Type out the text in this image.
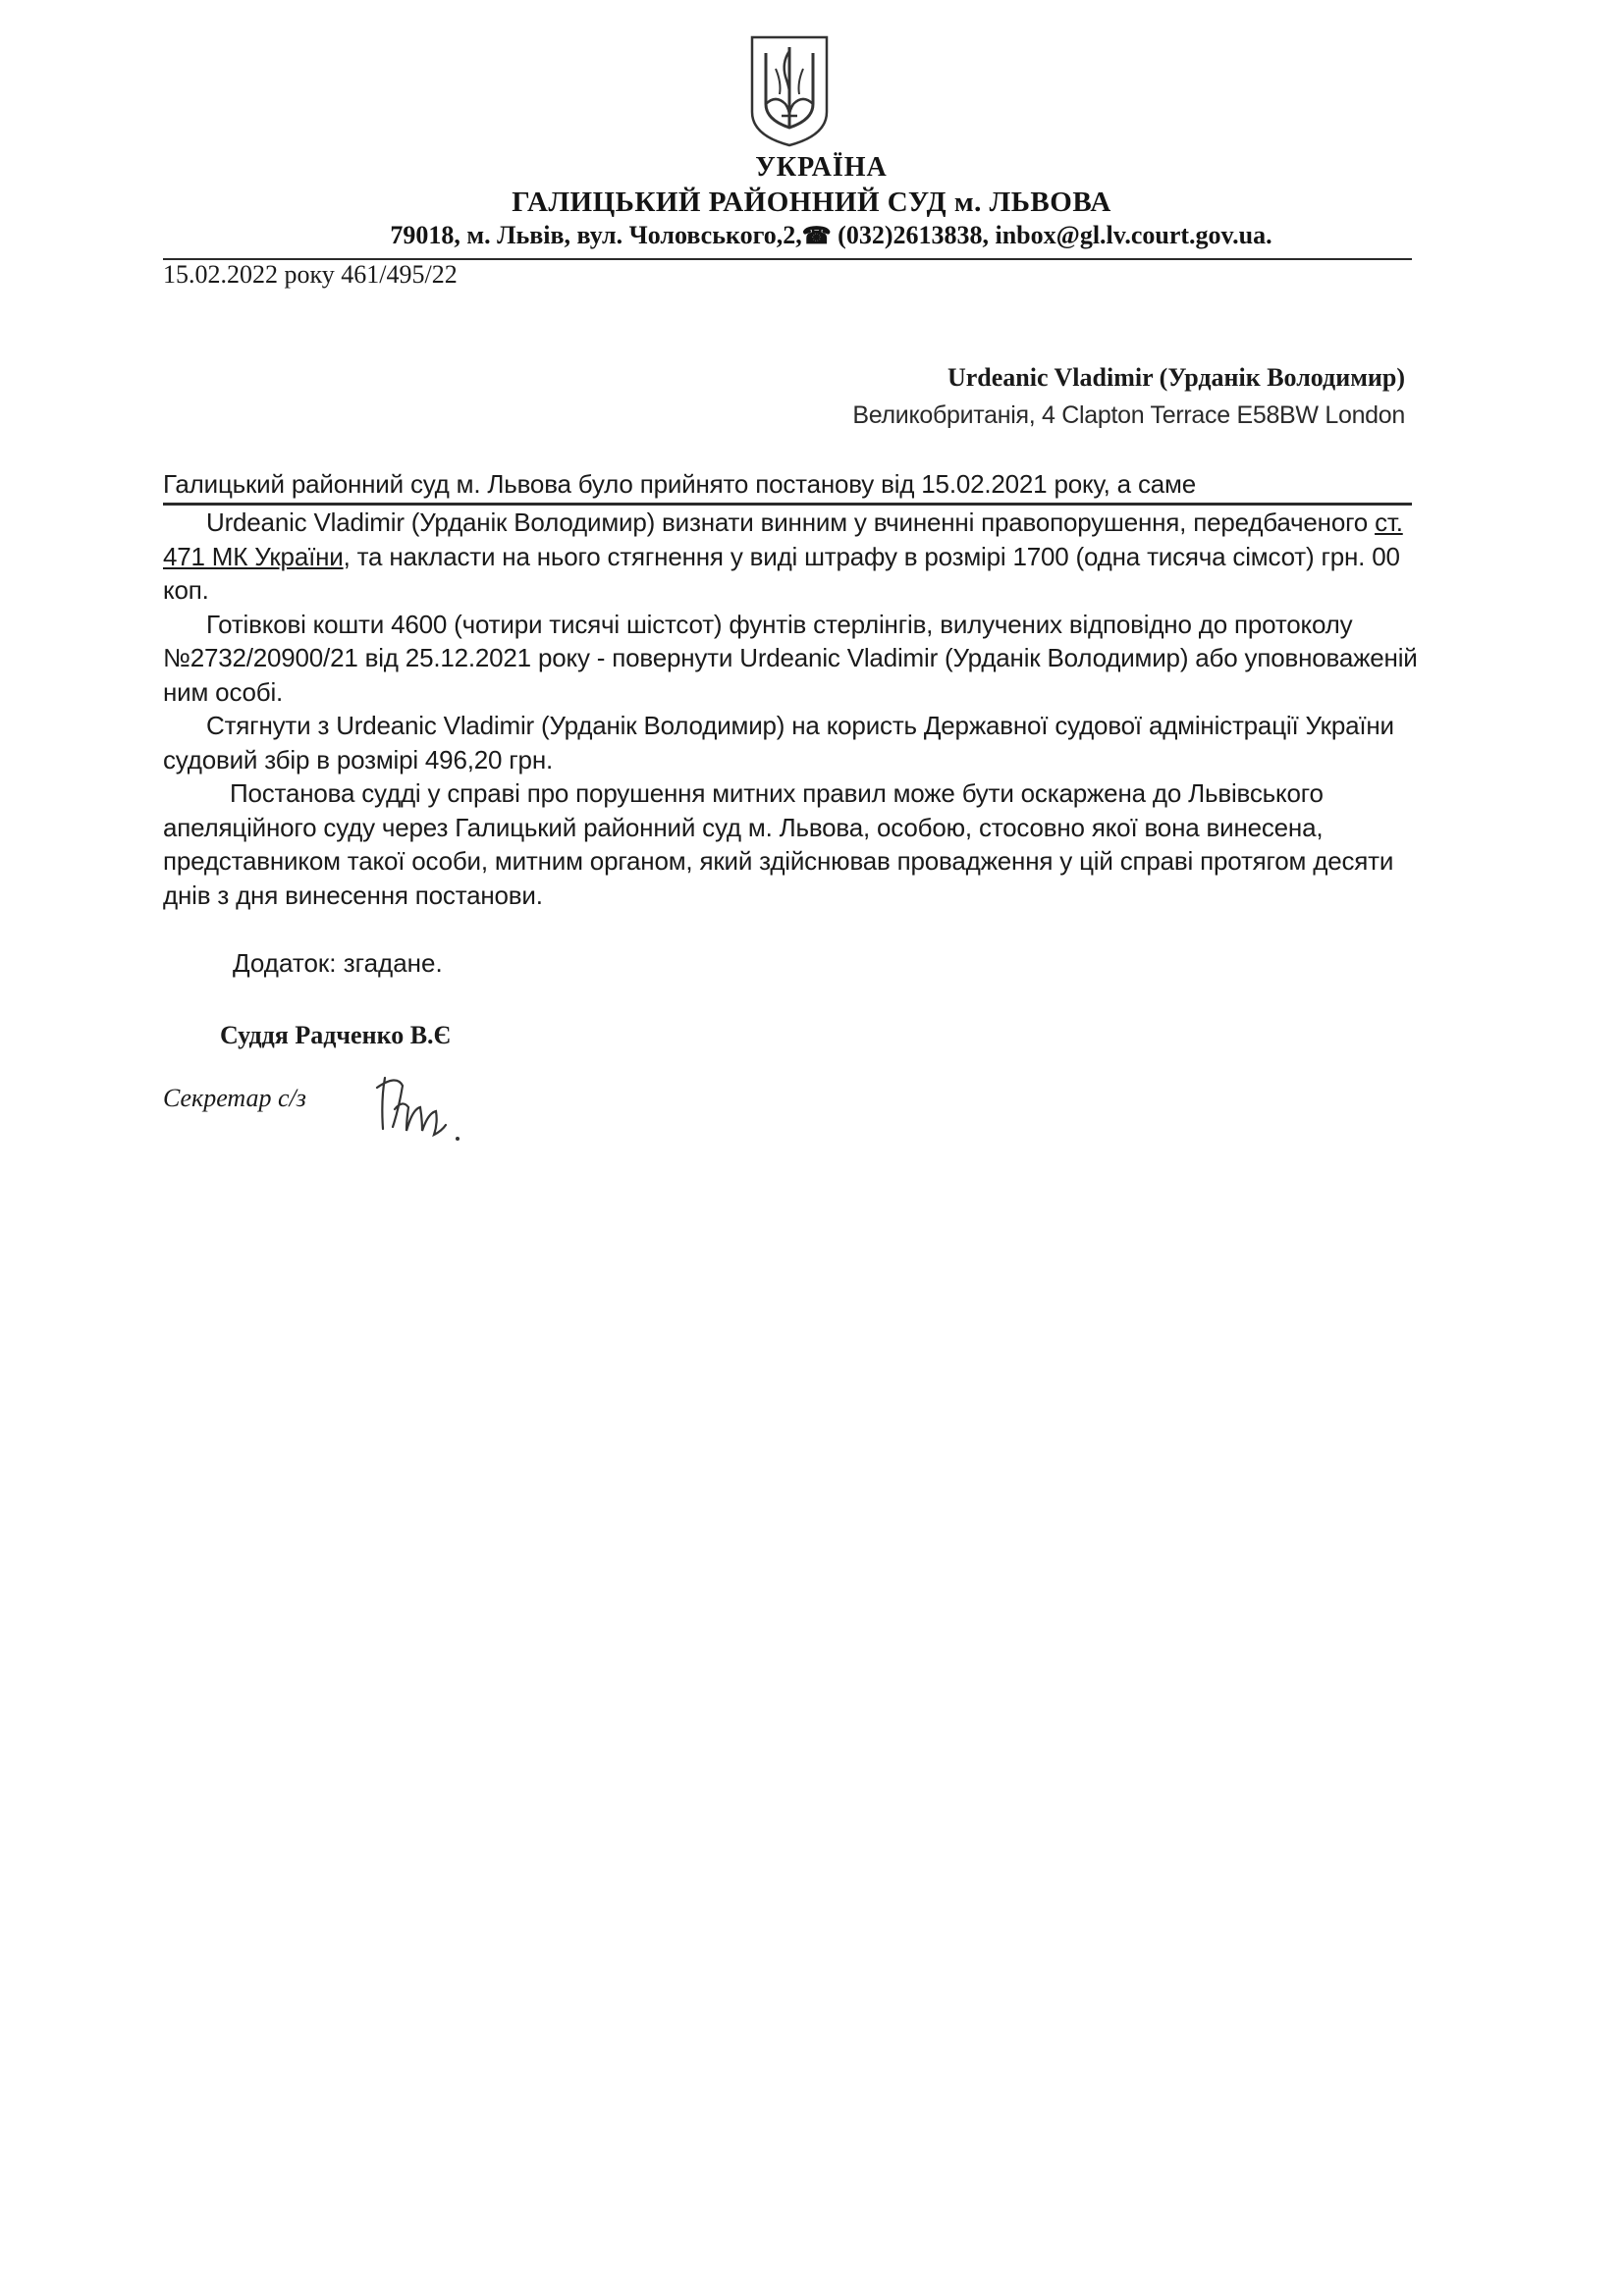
УКРАЇНА
ГАЛИЦЬКИЙ РАЙОННИЙ СУД м. ЛЬВОВА
79018, м. Львів, вул. Чоловського,2,☎ (032)2613838, inbox@gl.lv.court.gov.ua.
15.02.2022 року 461/495/22
Urdeanic Vladimir (Урданік Володимир)
Великобританія, 4 Clapton Terrace E58BW London
Галицький районний суд м. Львова було прийнято постанову від 15.02.2021 року, а саме

Urdeanic Vladimir (Урданік Володимир) визнати винним у вчиненні правопорушення, передбаченого ст. 471 МК України, та накласти на нього стягнення у виді штрафу в розмірі 1700 (одна тисяча сімсот) грн. 00 коп.

Готівкові кошти 4600 (чотири тисячі шістсот) фунтів стерлінгів, вилучених відповідно до протоколу №2732/20900/21 від 25.12.2021 року - повернути Urdeanic Vladimir (Урданік Володимир) або уповноваженій ним особі.

Стягнути з Urdeanic Vladimir (Урданік Володимир) на користь Державної судової адміністрації України судовий збір в розмірі 496,20 грн.

Постанова судді у справі про порушення митних правил може бути оскаржена до Львівського апеляційного суду через Галицький районний суд м. Львова, особою, стосовно якої вона винесена, представником такої особи, митним органом, який здійснював провадження у цій справі протягом десяти днів з дня винесення постанови.

Додаток: згадане.
Суддя Радченко В.Є
Секретар с/з
